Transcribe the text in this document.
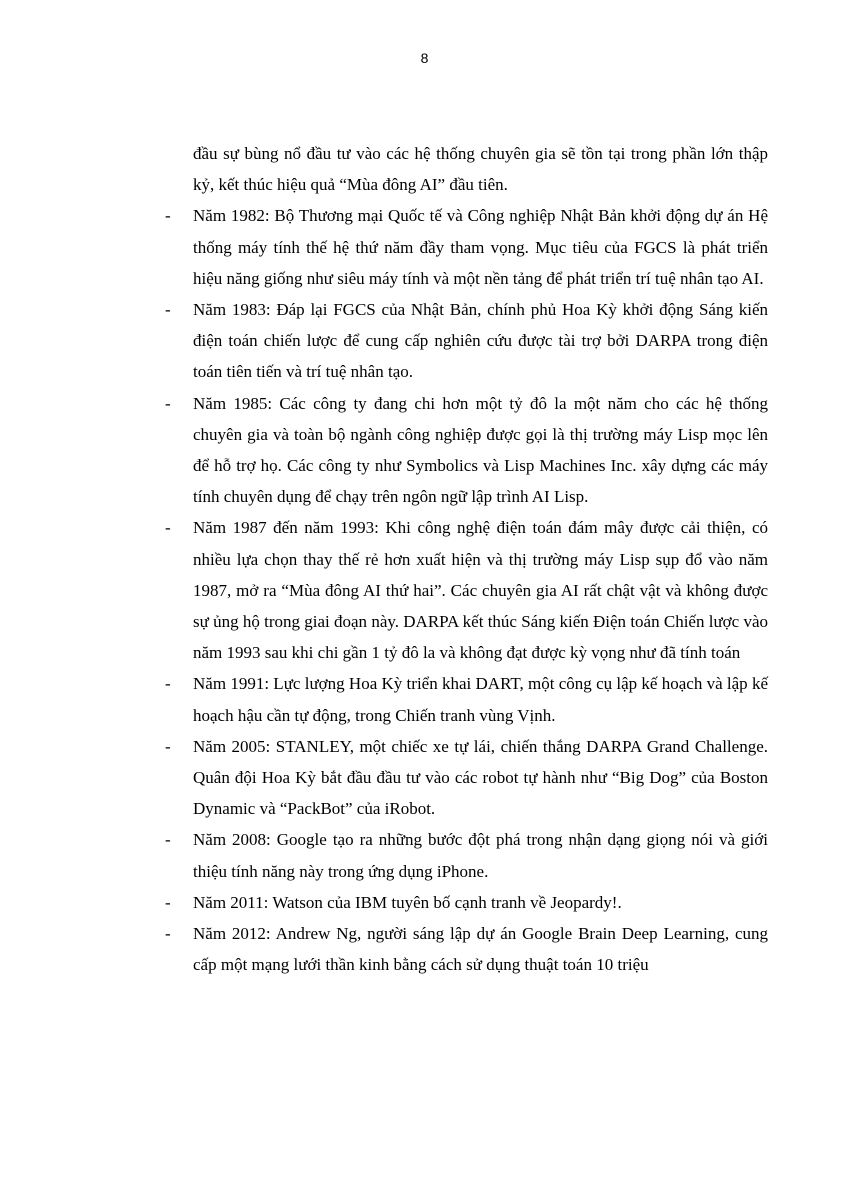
8

đầu sự bùng nổ đầu tư vào các hệ thống chuyên gia sẽ tồn tại trong phần lớn thập kỷ, kết thúc hiệu quả “Mùa đông AI” đầu tiên.

- Năm 1982: Bộ Thương mại Quốc tế và Công nghiệp Nhật Bản khởi động dự án Hệ thống máy tính thế hệ thứ năm đầy tham vọng. Mục tiêu của FGCS là phát triển hiệu năng giống như siêu máy tính và một nền tảng để phát triển trí tuệ nhân tạo AI.
- Năm 1983: Đáp lại FGCS của Nhật Bản, chính phủ Hoa Kỳ khởi động Sáng kiến điện toán chiến lược để cung cấp nghiên cứu được tài trợ bởi DARPA trong điện toán tiên tiến và trí tuệ nhân tạo.
- Năm 1985: Các công ty đang chi hơn một tỷ đô la một năm cho các hệ thống chuyên gia và toàn bộ ngành công nghiệp được gọi là thị trường máy Lisp mọc lên để hỗ trợ họ. Các công ty như Symbolics và Lisp Machines Inc. xây dựng các máy tính chuyên dụng để chạy trên ngôn ngữ lập trình AI Lisp.
- Năm 1987 đến năm 1993: Khi công nghệ điện toán đám mây được cải thiện, có nhiều lựa chọn thay thế rẻ hơn xuất hiện và thị trường máy Lisp sụp đổ vào năm 1987, mở ra “Mùa đông AI thứ hai”. Các chuyên gia AI rất chật vật và không được sự ủng hộ trong giai đoạn này. DARPA kết thúc Sáng kiến Điện toán Chiến lược vào năm 1993 sau khi chi gần 1 tỷ đô la và không đạt được kỳ vọng như đã tính toán
- Năm 1991: Lực lượng Hoa Kỳ triển khai DART, một công cụ lập kế hoạch và lập kế hoạch hậu cần tự động, trong Chiến tranh vùng Vịnh.
- Năm 2005: STANLEY, một chiếc xe tự lái, chiến thắng DARPA Grand Challenge. Quân đội Hoa Kỳ bắt đầu đầu tư vào các robot tự hành như “Big Dog” của Boston Dynamic và “PackBot” của iRobot.
- Năm 2008: Google tạo ra những bước đột phá trong nhận dạng giọng nói và giới thiệu tính năng này trong ứng dụng iPhone.
- Năm 2011: Watson của IBM tuyên bố cạnh tranh về Jeopardy!.
- Năm 2012: Andrew Ng, người sáng lập dự án Google Brain Deep Learning, cung cấp một mạng lưới thần kinh bằng cách sử dụng thuật toán 10 triệu
